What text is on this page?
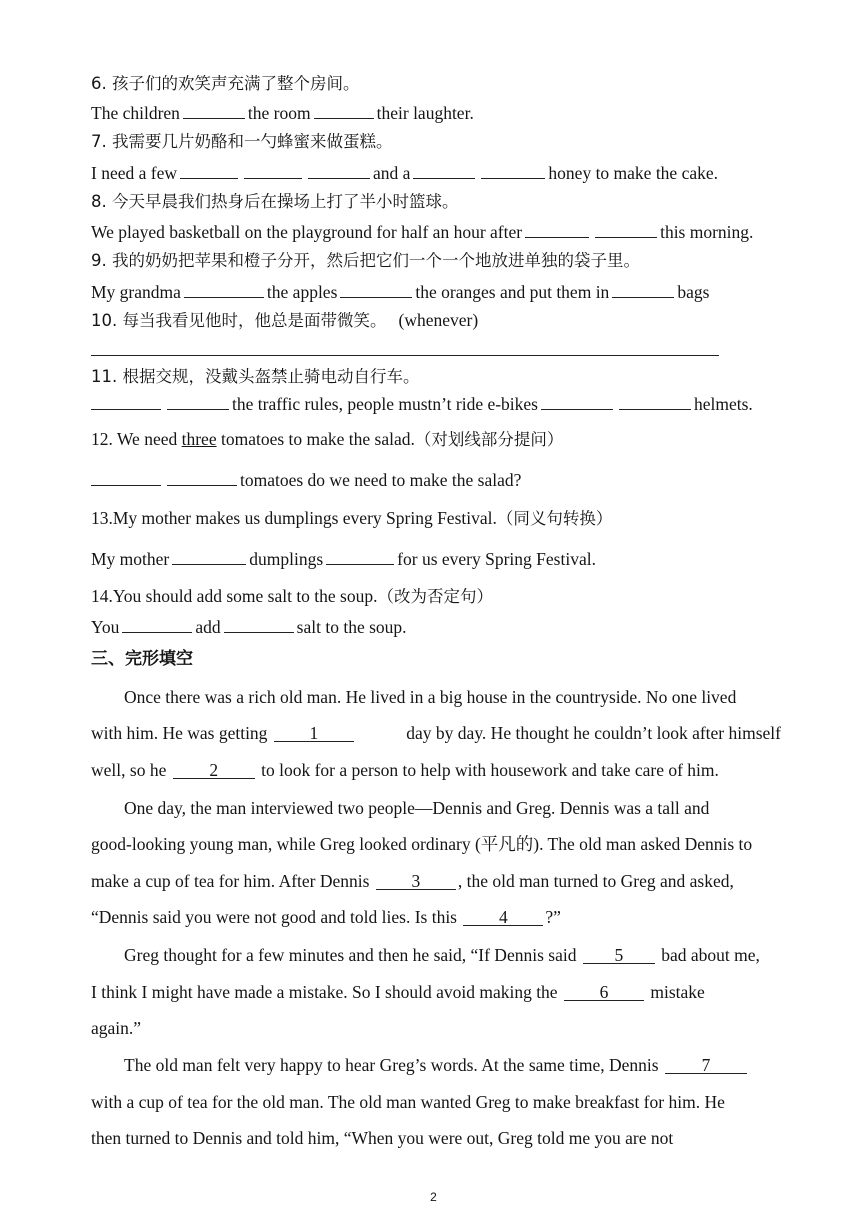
6. 孩子们的欢笑声充满了整个房间。
The children	the room	their laughter.
7. 我需要几片奶酪和一勺蜂蜜来做蛋糕。
I need a few	and a	honey to make the cake.
8. 今天早晨我们热身后在操场上打了半小时篮球。
We played basketball on the playground for half an hour after	this morning.
9. 我的奶奶把苹果和橙子分开，然后把它们一个一个地放进单独的袋子里。
My grandma	the apples	the oranges and put them in	bags
10. 每当我看见他时，他总是面带微笑。 (whenever)
11. 根据交规，没戴头盔禁止骑电动自行车。
the traffic rules, people mustn’t ride e-bikes	helmets.
12. We need three tomatoes to make the salad.（对划线部分提问）
tomatoes do we need to make the salad?
13.My mother makes us dumplings every Spring Festival.（同义句转换）
My mother	dumplings	for us every Spring Festival.
14.You should add some salt to the soup.（改为否定句）
You	add	salt to the soup.
三、完形填空
Once there was a rich old man. He lived in a big house in the countryside. No one lived
with him. He was getting 1	day by day. He thought he couldn’t look after himself
well, so he 2 to look for a person to help with housework and take care of him.
One day, the man interviewed two people—Dennis and Greg. Dennis was a tall and
good-looking young man, while Greg looked ordinary (平凡的). The old man asked Dennis to
make a cup of tea for him. After Dennis 3 , the old man turned to Greg and asked,
“Dennis said you were not good and told lies. Is this 4 ?”
Greg thought for a few minutes and then he said, “If Dennis said 5 bad about me,
I think I might have made a mistake. So I should avoid making the 6 mistake
again.”
The old man felt very happy to hear Greg’s words. At the same time, Dennis 7
with a cup of tea for the old man. The old man wanted Greg to make breakfast for him. He
then turned to Dennis and told him, “When you were out, Greg told me you are not
2
